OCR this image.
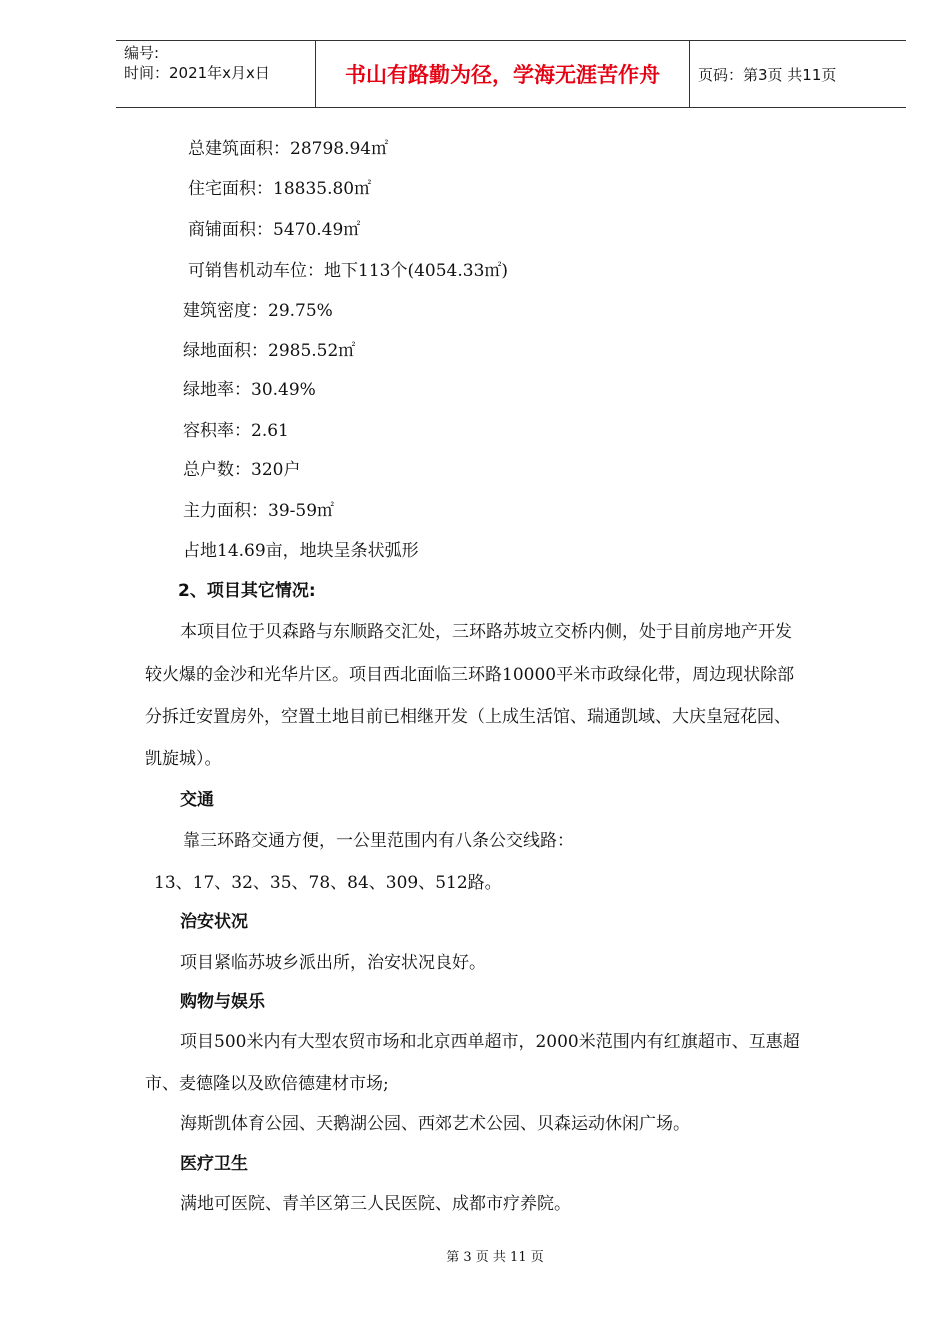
编号:
时间：2021年x月x日	书山有路勤为径，学海无涯苦作舟	页码：第3页 共11页
总建筑面积：28798.94㎡
住宅面积：18835.80㎡
商铺面积：5470.49㎡
可销售机动车位：地下113个(4054.33㎡)
建筑密度：29.75%
绿地面积：2985.52㎡
绿地率：30.49%
容积率：2.61
总户数：320户
主力面积：39-59㎡
占地14.69亩，地块呈条状弧形
2、项目其它情况:
本项目位于贝森路与东顺路交汇处，三环路苏坡立交桥内侧，处于目前房地产开发
较火爆的金沙和光华片区。项目西北面临三环路10000平米市政绿化带，周边现状除部
分拆迁安置房外，空置土地目前已相继开发（上成生活馆、瑞通凯域、大庆皇冠花园、
凯旋城）。
交通
靠三环路交通方便，一公里范围内有八条公交线路：
13、17、32、35、78、84、309、512路。
治安状况
项目紧临苏坡乡派出所，治安状况良好。
购物与娱乐
项目500米内有大型农贸市场和北京西单超市，2000米范围内有红旗超市、互惠超
市、麦德隆以及欧倍德建材市场;
海斯凯体育公园、天鹅湖公园、西郊艺术公园、贝森运动休闲广场。
医疗卫生
满地可医院、青羊区第三人民医院、成都市疗养院。
第 3 页 共 11 页
